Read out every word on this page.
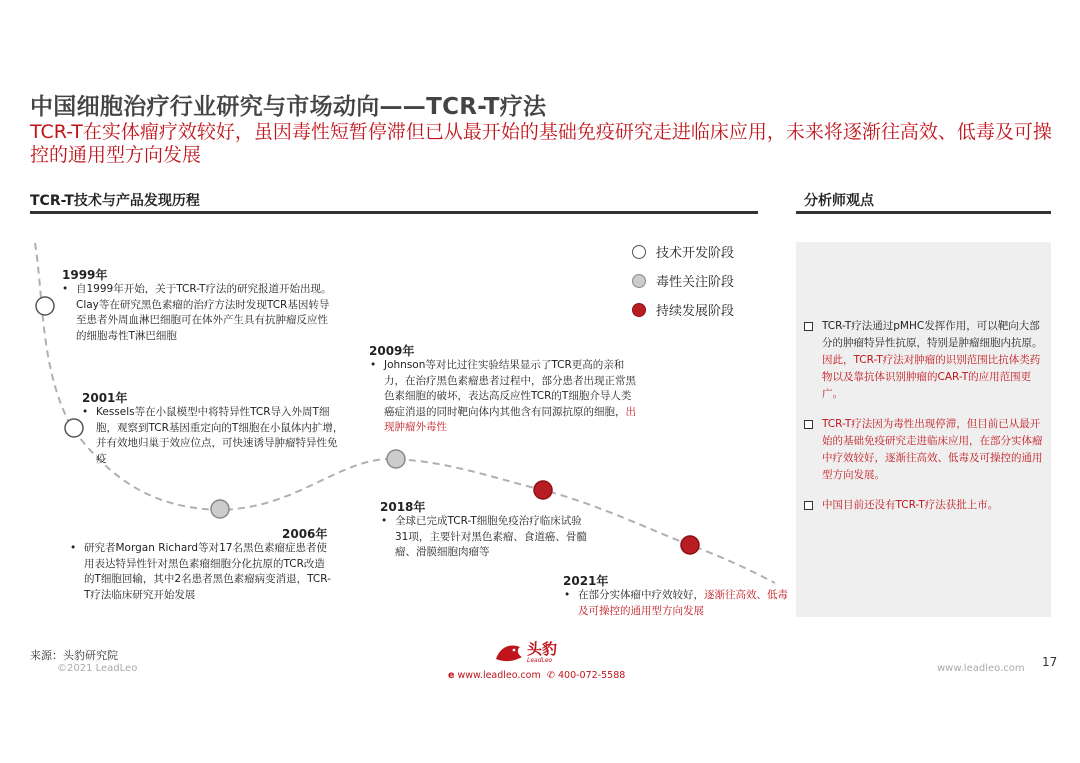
中国细胞治疗行业研究与市场动向——TCR-T疗法
TCR-T在实体瘤疗效较好，虽因毒性短暂停滞但已从最开始的基础免疫研究走进临床应用，未来将逐渐往高效、低毒及可操控的通用型方向发展
TCR-T技术与产品发现历程	分析师观点
技术开发阶段
毒性关注阶段
持续发展阶段
1999年
• 自1999年开始，关于TCR-T疗法的研究报道开始出现。Clay等在研究黑色素瘤的治疗方法时发现TCR基因转导至患者外周血淋巴细胞可在体外产生具有抗肿瘤反应性的细胞毒性T淋巴细胞
2001年
• Kessels等在小鼠模型中将特异性TCR导入外周T细胞，观察到TCR基因重定向的T细胞在小鼠体内扩增，并有效地归巢于效应位点，可快速诱导肿瘤特异性免疫
2006年
• 研究者Morgan Richard等对17名黑色素瘤症患者使用表达特异性针对黑色素瘤细胞分化抗原的TCR改造的T细胞回输，其中2名患者黑色素瘤病变消退，TCR-T疗法临床研究开始发展
2009年
• Johnson等对比过往实验结果显示了TCR更高的亲和力，在治疗黑色素瘤患者过程中，部分患者出现正常黑色素细胞的破坏，表达高反应性TCR的T细胞介导人类癌症消退的同时靶向体内其他含有同源抗原的细胞，出现肿瘤外毒性
2018年
• 全球已完成TCR-T细胞免疫治疗临床试验31项，主要针对黑色素瘤、食道癌、骨髓瘤、滑膜细胞肉瘤等
2021年
• 在部分实体瘤中疗效较好，逐渐往高效、低毒及可操控的通用型方向发展
TCR-T疗法通过pMHC发挥作用，可以靶向大部分的肿瘤特异性抗原，特别是肿瘤细胞内抗原。因此，TCR-T疗法对肿瘤的识别范围比抗体类药物以及靠抗体识别肿瘤的CAR-T的应用范围更广。
TCR-T疗法因为毒性出现停滞，但目前已从最开始的基础免疫研究走进临床应用，在部分实体瘤中疗效较好，逐渐往高效、低毒及可操控的通用型方向发展。
中国目前还没有TCR-T疗法获批上市。
来源：头豹研究院
©2021 LeadLeo
头豹
LeadLeo
e www.leadleo.com ✆ 400-072-5588
www.leadleo.com 17
